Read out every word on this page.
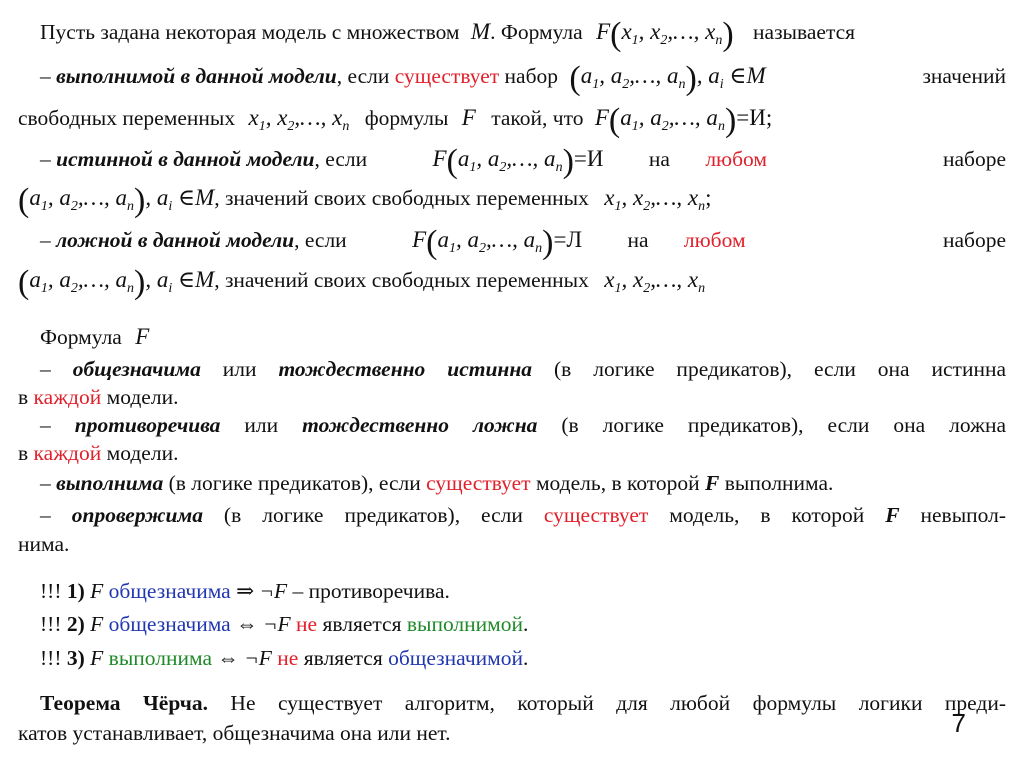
Пусть задана некоторая модель с множеством M. Формула $F(x_1$, $x_2,\dots$, $x_n$) называется
– выполнимой в данной модели, если существует набор ($a_1$, $a_2,\dots$, $a_n$), $a_i$ ∈M	значений
свободных переменных $x_1$, $x_2,\dots$, $x_n$ формулы F такой, что $F(a_1$, $a_2,\dots$, $a_n)=И$;
– истинной в данной модели, если	$F(a_1$, $a_2,\dots$, $a_n)=И$ на любом	наборе
($a_1$, $a_2,\dots$, $a_n$), $a_i$ ∈M, значений своих свободных переменных $x_1$, $x_2,\dots$, $x_n$;
– ложной в данной модели, если	$F(a_1$, $a_2,\dots$, $a_n)=Л$ на любом	наборе
($a_1$, $a_2,\dots$, $a_n$), $a_i$ ∈M, значений своих свободных переменных $x_1$, $x_2,\dots$, $x_n$
Формула F
– общезначима или тождественно истинна (в логике предикатов), если она истинна
в каждой модели.
– противоречива или тождественно ложна (в логике предикатов), если она ложна
в каждой модели.
– выполнима (в логике предикатов), если существует модель, в которой F выполнима.
– опровержима (в логике предикатов), если существует модель, в которой F невыпол-
нима.
!!! 1) F общезначима ⇒ ¬F – противоречива.
!!! 2) F общезначима ⇔ ¬F не является выполнимой.
!!! 3) F выполнима ⇔ ¬F не является общезначимой.
Теорема Чёрча. Не существует алгоритм, который для любой формулы логики преди-
катов устанавливает, общезначима она или нет.	7
